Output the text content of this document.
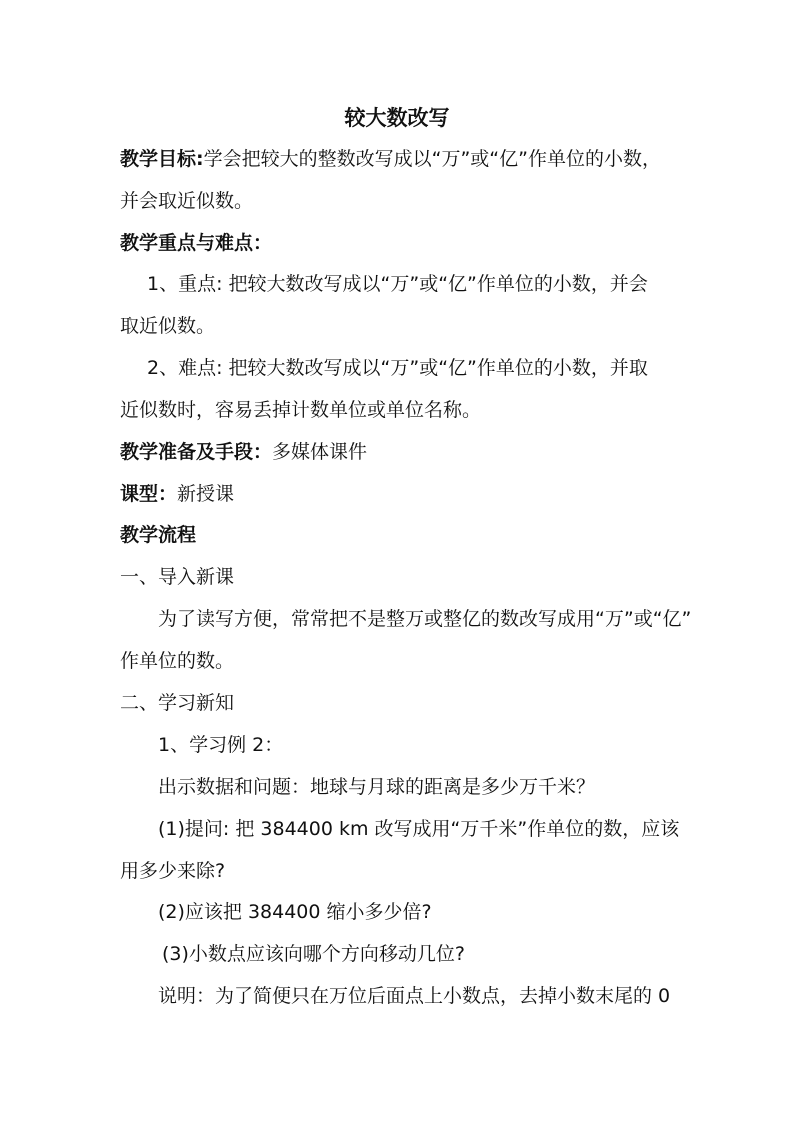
较大数改写
教学目标:学会把较大的整数改写成以“万”或“亿”作单位的小数，
并会取近似数。
教学重点与难点：
1、重点: 把较大数改写成以“万”或“亿”作单位的小数，并会
取近似数。
2、难点: 把较大数改写成以“万”或“亿”作单位的小数，并取
近似数时，容易丢掉计数单位或单位名称。
教学准备及手段：多媒体课件
课型：新授课
教学流程
一、导入新课
为了读写方便，常常把不是整万或整亿的数改写成用“万”或“亿”
作单位的数。
二、学习新知
1、学习例 2：
出示数据和问题：地球与月球的距离是多少万千米？
(1)提问: 把 384400 km 改写成用“万千米”作单位的数，应该
用多少来除?
(2)应该把 384400 缩小多少倍?
(3)小数点应该向哪个方向移动几位?
说明：为了简便只在万位后面点上小数点，去掉小数末尾的 0
